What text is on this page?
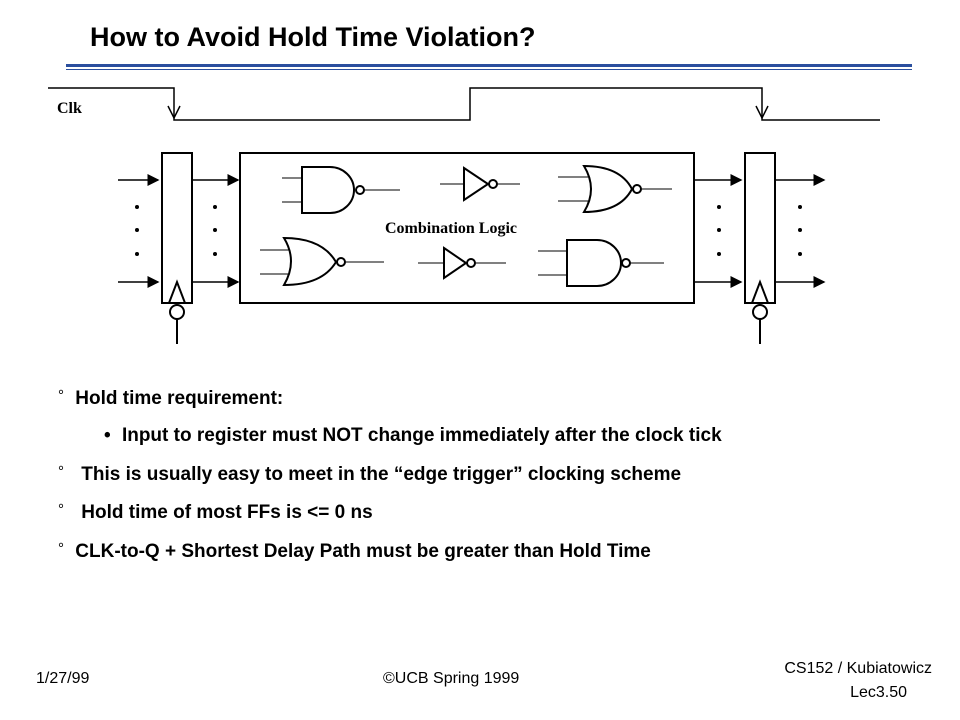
How to Avoid Hold Time Violation?
Clk
Combination Logic
° Hold time requirement:
• Input to register must NOT change immediately after the clock tick
° This is usually easy to meet in the “edge trigger” clocking scheme
° Hold time of most FFs is <= 0 ns
° CLK-to-Q + Shortest Delay Path must be greater than Hold Time
1/27/99	©UCB Spring 1999
CS152 / Kubiatowicz
Lec3.50
